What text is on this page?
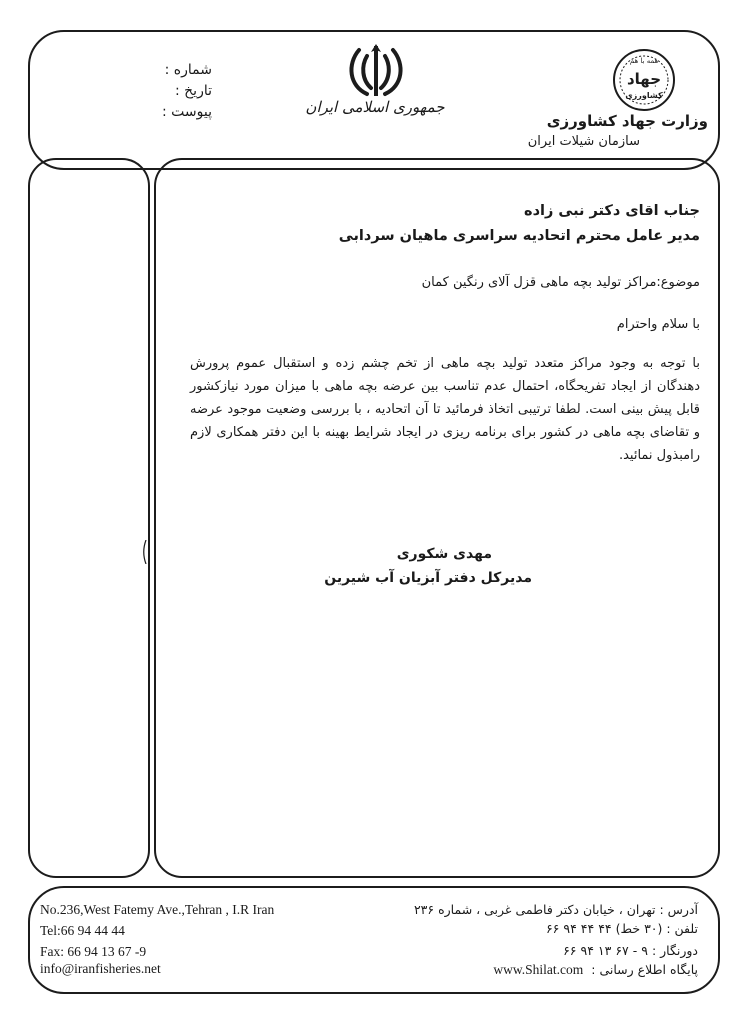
شماره :
تاریخ :
پیوست :	جمهوری اسلامی ایران
همه با هم
جهاد
کشاورزی
وزارت جهاد کشاورزی
سازمان شیلات ایران
جناب اقای دکتر نبی زاده
مدیر عامل محترم اتحادیه سراسری ماهیان سردابی
موضوع:مراکز تولید بچه ماهی قزل آلای رنگین کمان
با سلام واحترام
با توجه به وجود مراکز متعدد تولید بچه ماهی از تخم چشم زده و استقبال عموم پرورش دهندگان از ایجاد تفریحگاه، احتمال عدم تناسب بین عرضه بچه ماهی با میزان مورد نیازکشور قابل پیش بینی است. لطفا ترتیبی اتخاذ فرمائید تا آن اتحادیه ، با بررسی وضعیت موجود عرضه و تقاضای بچه ماهی در کشور برای برنامه ریزی در ایجاد شرایط بهینه با این دفتر همکاری لازم رامبذول نمائید.
مهدی شکوری
مدیرکل دفتر آبزیان آب شیرین
No.236,West Fatemy Ave.,Tehran , I.R Iran
Tel:66 94 44 44
Fax: 66 94 13 67 -9
info@iranfisheries.net
آدرس : تهران ، خیابان دکتر فاطمی غربی ، شماره ۲۳۶
تلفن : (۳۰ خط) ۴۴ ۴۴ ۹۴ ۶۶
دورنگار : ۹ - ۶۷ ۱۳ ۹۴ ۶۶
پایگاه اطلاع رسانی : www.Shilat.com
